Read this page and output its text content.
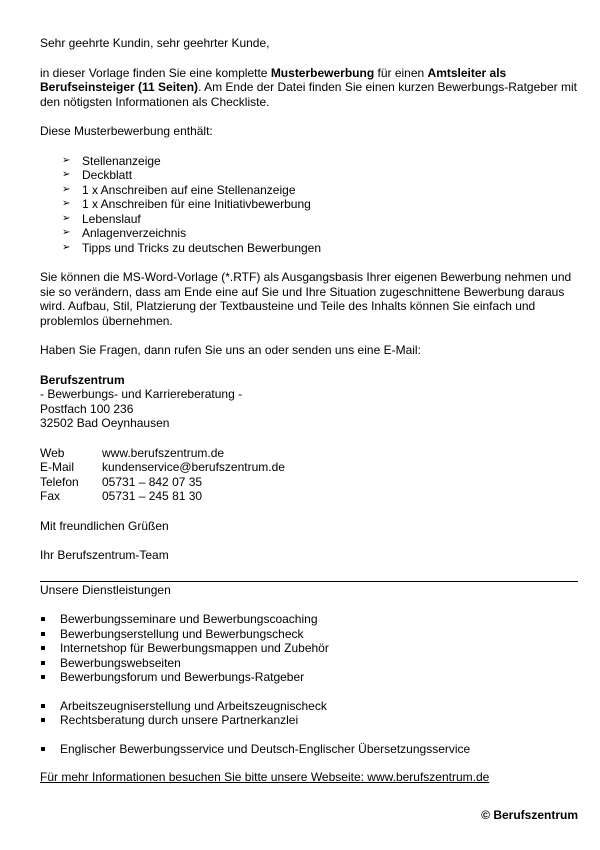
Sehr geehrte Kundin, sehr geehrter Kunde,

in dieser Vorlage finden Sie eine komplette Musterbewerbung für einen Amtsleiter als Berufseinsteiger (11 Seiten). Am Ende der Datei finden Sie einen kurzen Bewerbungs-Ratgeber mit den nötigsten Informationen als Checkliste.

Diese Musterbewerbung enthält:

➢ Stellenanzeige
➢ Deckblatt
➢ 1 x Anschreiben auf eine Stellenanzeige
➢ 1 x Anschreiben für eine Initiativbewerbung
➢ Lebenslauf
➢ Anlagenverzeichnis
➢ Tipps und Tricks zu deutschen Bewerbungen

Sie können die MS-Word-Vorlage (*.RTF) als Ausgangsbasis Ihrer eigenen Bewerbung nehmen und sie so verändern, dass am Ende eine auf Sie und Ihre Situation zugeschnittene Bewerbung daraus wird. Aufbau, Stil, Platzierung der Textbausteine und Teile des Inhalts können Sie einfach und problemlos übernehmen.

Haben Sie Fragen, dann rufen Sie uns an oder senden uns eine E-Mail:

Berufszentrum

- Bewerbungs- und Karriereberatung -

Postfach 100 236

32502 Bad Oeynhausen

Web	www.berufszentrum.de
E-Mail	kundenservice@berufszentrum.de
Telefon	05731 – 842 07 35
Fax	05731 – 245 81 30

Mit freundlichen Grüßen

Ihr Berufszentrum-Team

Unsere Dienstleistungen

Bewerbungsseminare und Bewerbungscoaching
Bewerbungserstellung und Bewerbungscheck
Internetshop für Bewerbungsmappen und Zubehör
Bewerbungswebseiten
Bewerbungsforum und Bewerbungs-Ratgeber
Arbeitszeugniserstellung und Arbeitszeugnischeck
Rechtsberatung durch unsere Partnerkanzlei
Englischer Bewerbungsservice und Deutsch-Englischer Übersetzungsservice

Für mehr Informationen besuchen Sie bitte unsere Webseite: www.berufszentrum.de

© Berufszentrum
